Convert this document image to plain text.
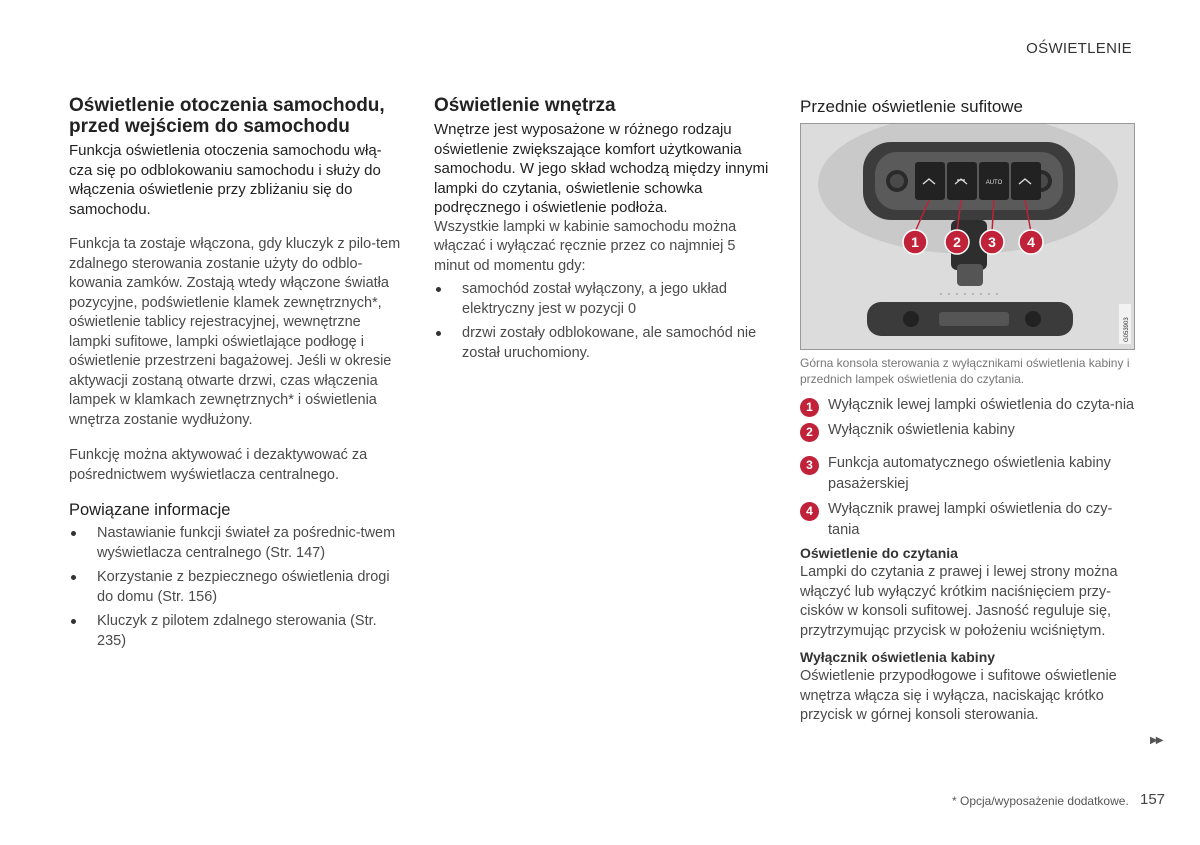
OŚWIETLENIE
Oświetlenie otoczenia samochodu, przed wejściem do samochodu

Funkcja oświetlenia otoczenia samochodu włą-cza się po odblokowaniu samochodu i służy do włączenia oświetlenie przy zbliżaniu się do samochodu.

Funkcja ta zostaje włączona, gdy kluczyk z pilo-tem zdalnego sterowania zostanie użyty do odblo-kowania zamków. Zostają wtedy włączone światła pozycyjne, podświetlenie klamek zewnętrznych*, oświetlenie tablicy rejestracyjnej, wewnętrzne lampki sufitowe, lampki oświetlające podłogę i oświetlenie przestrzeni bagażowej. Jeśli w okresie aktywacji zostaną otwarte drzwi, czas włączenia lampek w klamkach zewnętrznych* i oświetlenia wnętrza zostanie wydłużony.

Funkcję można aktywować i dezaktywować za pośrednictwem wyświetlacza centralnego.

Powiązane informacje
Nastawianie funkcji świateł za pośrednic-twem wyświetlacza centralnego (Str. 147)
Korzystanie z bezpiecznego oświetlenia drogi do domu (Str. 156)
Kluczyk z pilotem zdalnego sterowania (Str. 235)
Oświetlenie wnętrza

Wnętrze jest wyposażone w różnego rodzaju oświetlenie zwiększające komfort użytkowania samochodu. W jego skład wchodzą między innymi lampki do czytania, oświetlenie schowka podręcznego i oświetlenie podłoża.

Wszystkie lampki w kabinie samochodu można włączać i wyłączać ręcznie przez co najmniej 5 minut od momentu gdy:

samochód został wyłączony, a jego układ elektryczny jest w pozycji 0
drzwi zostały odblokowane, ale samochód nie został uruchomiony.
Przednie oświetlenie sufitowe
AUTO
1 2 3 4
G053903

Górna konsola sterowania z wyłącznikami oświetlenia kabiny i przednich lampek oświetlenia do czytania.

1	Wyłącznik lewej lampki oświetlenia do czyta-nia
2	Wyłącznik oświetlenia kabiny
3	Funkcja automatycznego oświetlenia kabiny pasażerskiej
4	Wyłącznik prawej lampki oświetlenia do czy-tania
Oświetlenie do czytania

Lampki do czytania z prawej i lewej strony można włączyć lub wyłączyć krótkim naciśnięciem przy-cisków w konsoli sufitowej. Jasność reguluje się, przytrzymując przycisk w położeniu wciśniętym.

Wyłącznik oświetlenia kabiny

Oświetlenie przypodłogowe i sufitowe oświetlenie wnętrza włącza się i wyłącza, naciskając krótko przycisk w górnej konsoli sterowania.

▶▶
* Opcja/wyposażenie dodatkowe. 157
